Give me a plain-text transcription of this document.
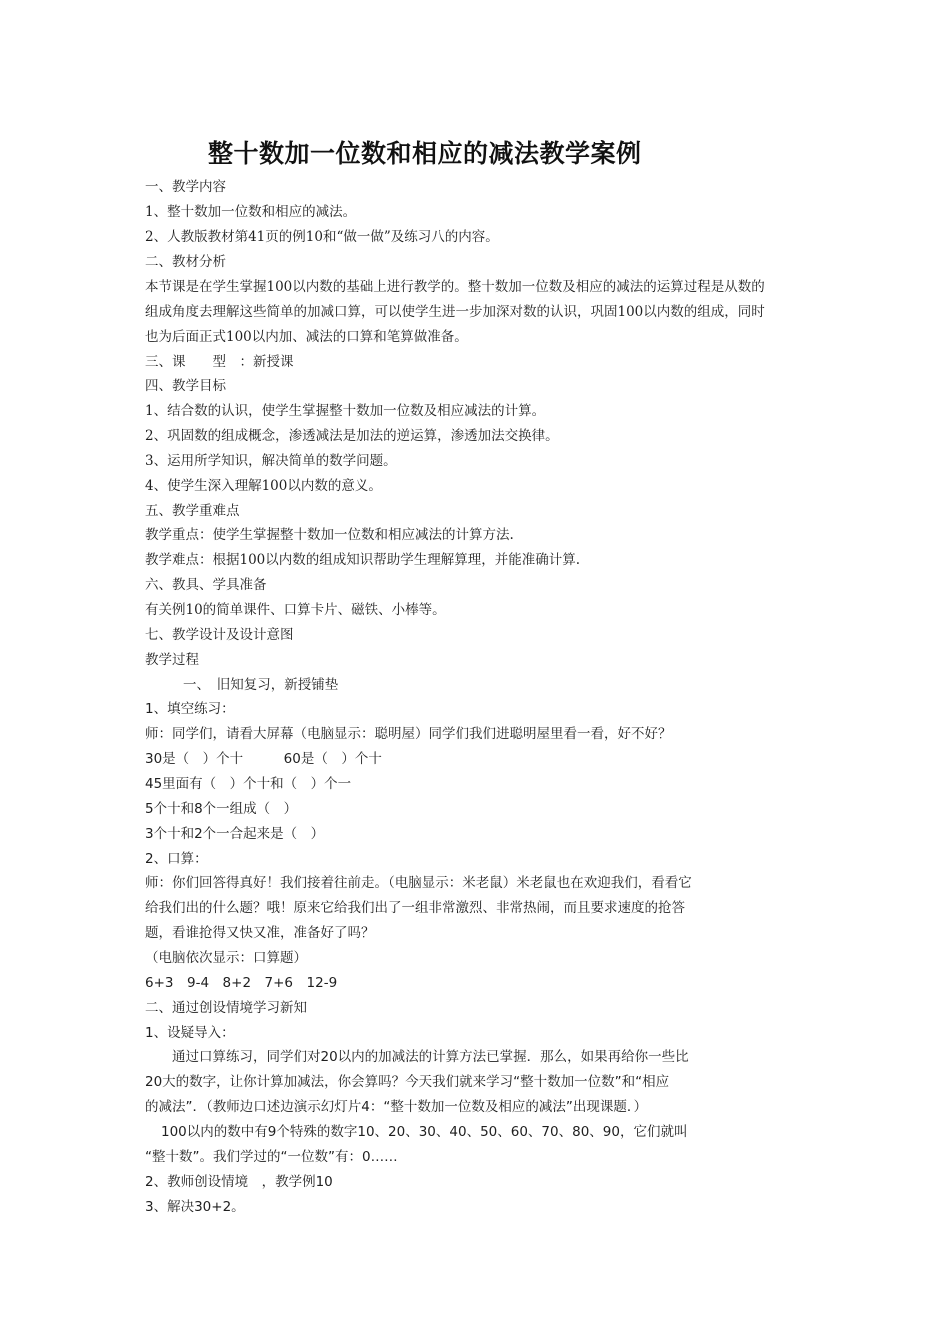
整十数加一位数和相应的减法教学案例
一、教学内容
1、整十数加一位数和相应的减法。
2、人教版教材第41页的例10和“做一做”及练习八的内容。
二、教材分析
本节课是在学生掌握100以内数的基础上进行教学的。整十数加一位数及相应的减法的运算过程是从数的
组成角度去理解这些简单的加减口算，可以使学生进一步加深对数的认识，巩固100以内数的组成，同时
也为后面正式100以内加、减法的口算和笔算做准备。
三、课　　型　：新授课
四、教学目标
1、结合数的认识，使学生掌握整十数加一位数及相应减法的计算。
2、巩固数的组成概念，渗透减法是加法的逆运算，渗透加法交换律。
3、运用所学知识，解决简单的数学问题。
4、使学生深入理解100以内数的意义。
五、教学重难点
教学重点：使学生掌握整十数加一位数和相应减法的计算方法.
教学难点：根据100以内数的组成知识帮助学生理解算理，并能准确计算.
六、教具、学具准备
有关例10的简单课件、口算卡片、磁铁、小棒等。
七、教学设计及设计意图
教学过程
一、　旧知复习，新授铺垫
1、填空练习：
师：同学们，请看大屏幕（电脑显示：聪明屋）同学们我们进聪明屋里看一看，好不好？
30是（　）个十　　　60是（　）个十
45里面有（　）个十和（　）个一
5个十和8个一组成（　）
3个十和2个一合起来是（　）
2、口算：
师：你们回答得真好！我们接着往前走。（电脑显示：米老鼠）米老鼠也在欢迎我们，看看它
给我们出的什么题？哦！原来它给我们出了一组非常激烈、非常热闹，而且要求速度的抢答
题，看谁抢得又快又准，准备好了吗？
（电脑依次显示：口算题）
6+3　9-4　8+2　7+6　12-9
二、通过创设情境学习新知
1、设疑导入：
通过口算练习，同学们对20以内的加减法的计算方法已掌握．那么，如果再给你一些比
20大的数字，让你计算加减法，你会算吗？今天我们就来学习“整十数加一位数”和“相应
的减法”．（教师边口述边演示幻灯片4：“整十数加一位数及相应的减法”出现课题．）
100以内的数中有9个特殊的数字10、20、30、40、50、60、70、80、90，它们就叫
“整十数”。我们学过的“一位数”有：0……
2、教师创设情境　，教学例10
3、解决30+2。
